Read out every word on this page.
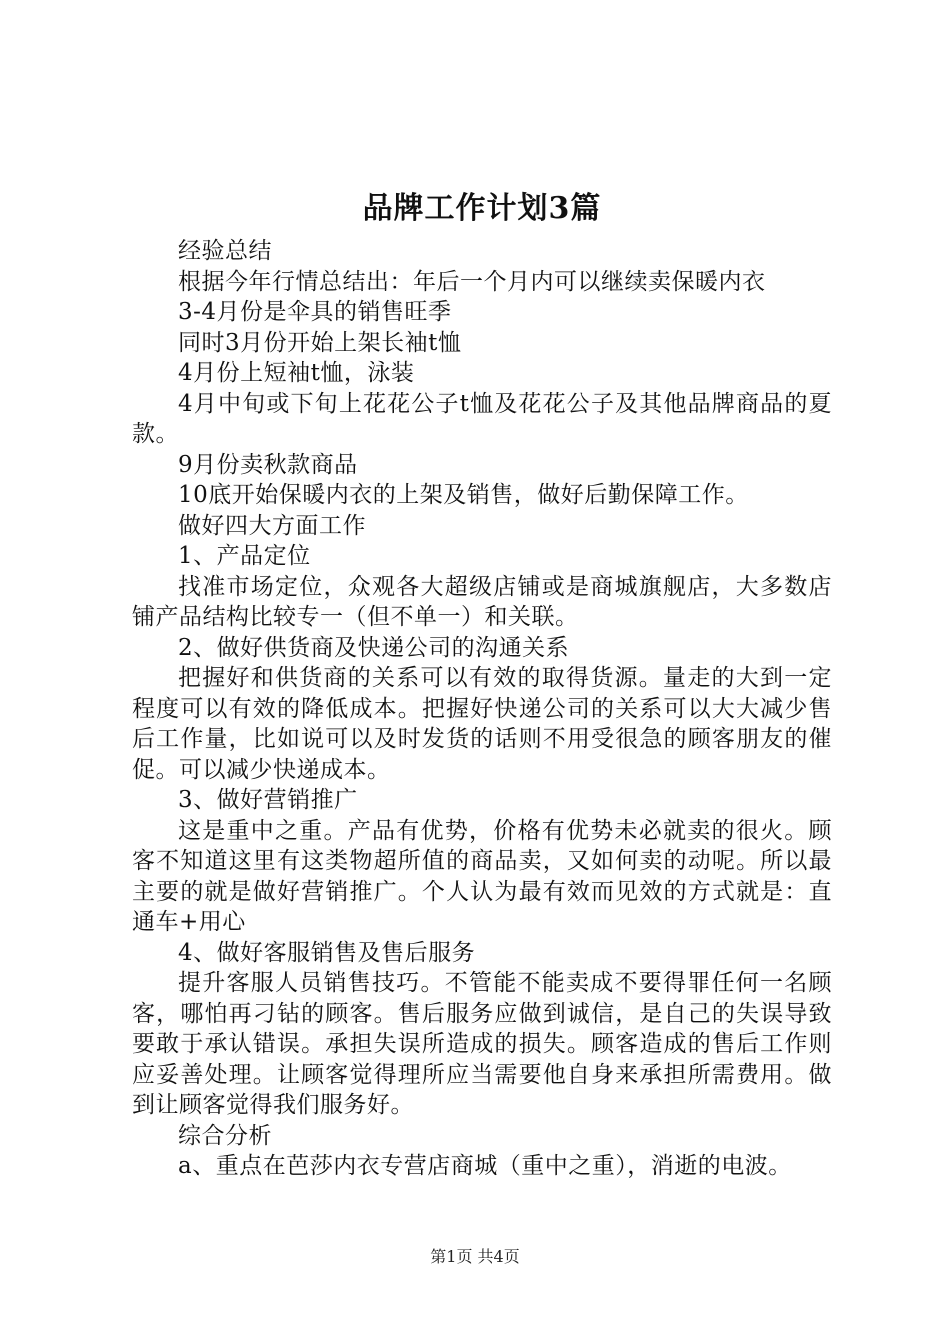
品牌工作计划3篇

经验总结

根据今年行情总结出：年后一个月内可以继续卖保暖内衣

3-4月份是伞具的销售旺季

同时3月份开始上架长袖t恤

4月份上短袖t恤，泳装

4月中旬或下旬上花花公子t恤及花花公子及其他品牌商品的夏款。

9月份卖秋款商品

10底开始保暖内衣的上架及销售，做好后勤保障工作。

做好四大方面工作

1、产品定位

找准市场定位，众观各大超级店铺或是商城旗舰店，大多数店铺产品结构比较专一（但不单一）和关联。

2、做好供货商及快递公司的沟通关系

把握好和供货商的关系可以有效的取得货源。量走的大到一定程度可以有效的降低成本。把握好快递公司的关系可以大大减少售后工作量，比如说可以及时发货的话则不用受很急的顾客朋友的催促。可以减少快递成本。

3、做好营销推广

这是重中之重。产品有优势，价格有优势未必就卖的很火。顾客不知道这里有这类物超所值的商品卖，又如何卖的动呢。所以最主要的就是做好营销推广。个人认为最有效而见效的方式就是：直通车+用心

4、做好客服销售及售后服务

提升客服人员销售技巧。不管能不能卖成不要得罪任何一名顾客，哪怕再刁钻的顾客。售后服务应做到诚信，是自己的失误导致要敢于承认错误。承担失误所造成的损失。顾客造成的售后工作则应妥善处理。让顾客觉得理所应当需要他自身来承担所需费用。做到让顾客觉得我们服务好。

综合分析

a、重点在芭莎内衣专营店商城（重中之重），消逝的电波。

第1页 共4页
